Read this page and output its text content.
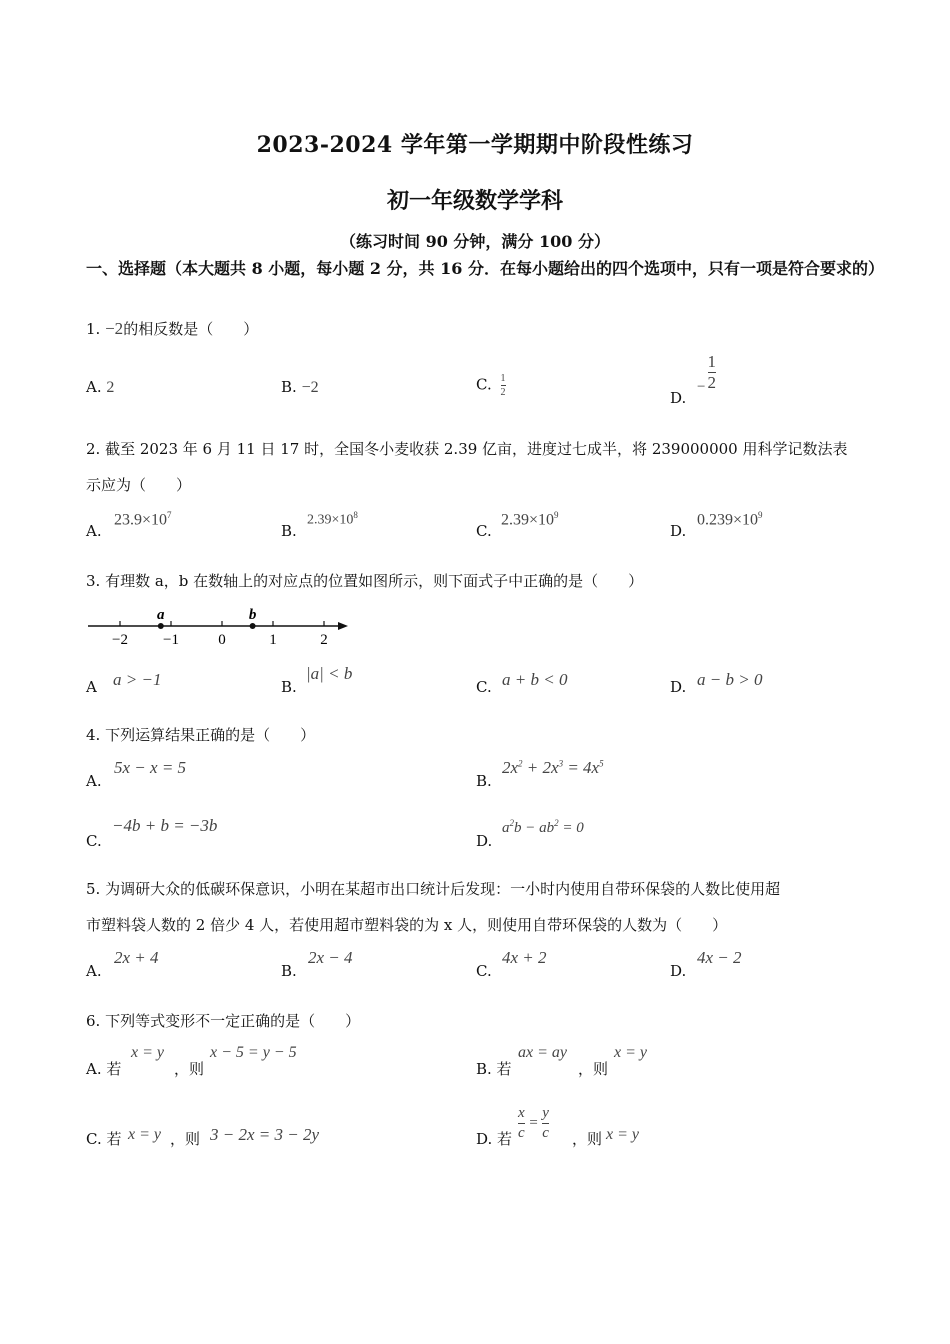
2023-2024 学年第一学期期中阶段性练习
初一年级数学学科
（练习时间 90 分钟，满分 100 分）
一、选择题（本大题共 8 小题，每小题 2 分，共 16 分．在每小题给出的四个选项中，只有一项是符合要求的）
1. −2的相反数是（　　）
A. 2	B. −2	C. $\frac{1}{2}$	D. − $\frac{1}{2}$
2. 截至 2023 年 6 月 11 日 17 时，全国冬小麦收获 2.39 亿亩，进度过七成半，将 239000000 用科学记数法表
示应为（　　）
A.
$23.9\times 10^7$
B.
$2.39\times 10^8$
C.
$2.39\times 10^9$
D.
$0.239\times 10^9$
3. 有理数 a，b 在数轴上的对应点的位置如图所示，则下面式子中正确的是（　　）
−2 −1	0	1	2
a	b
A a > −1	B.
|a| < b
C. a + b < 0	D. a − b > 0
4. 下列运算结果正确的是（　　）
A.
5x − x = 5
B.
$2x^2 + 2x^3 = 4x^5$
C.
−4b + b = −3b
D.
$a^2b - ab^2 = 0$
5. 为调研大众的低碳环保意识，小明在某超市出口统计后发现：一小时内使用自带环保袋的人数比使用超
市塑料袋人数的 2 倍少 4 人，若使用超市塑料袋的为 x 人，则使用自带环保袋的人数为（　　）
A.
2x + 4
B.
2x − 4
C.
4x + 2
D.
4x − 2
6. 下列等式变形不一定正确的是（　　）
A. 若
x = y
，则
x − 5 = y − 5
B. 若
ax = ay
，则
x = y
C. 若 x = y ，则 3 − 2x = 3 − 2y	D. 若 $\frac{x}{c} = \frac{y}{c}$ ，则 x = y
